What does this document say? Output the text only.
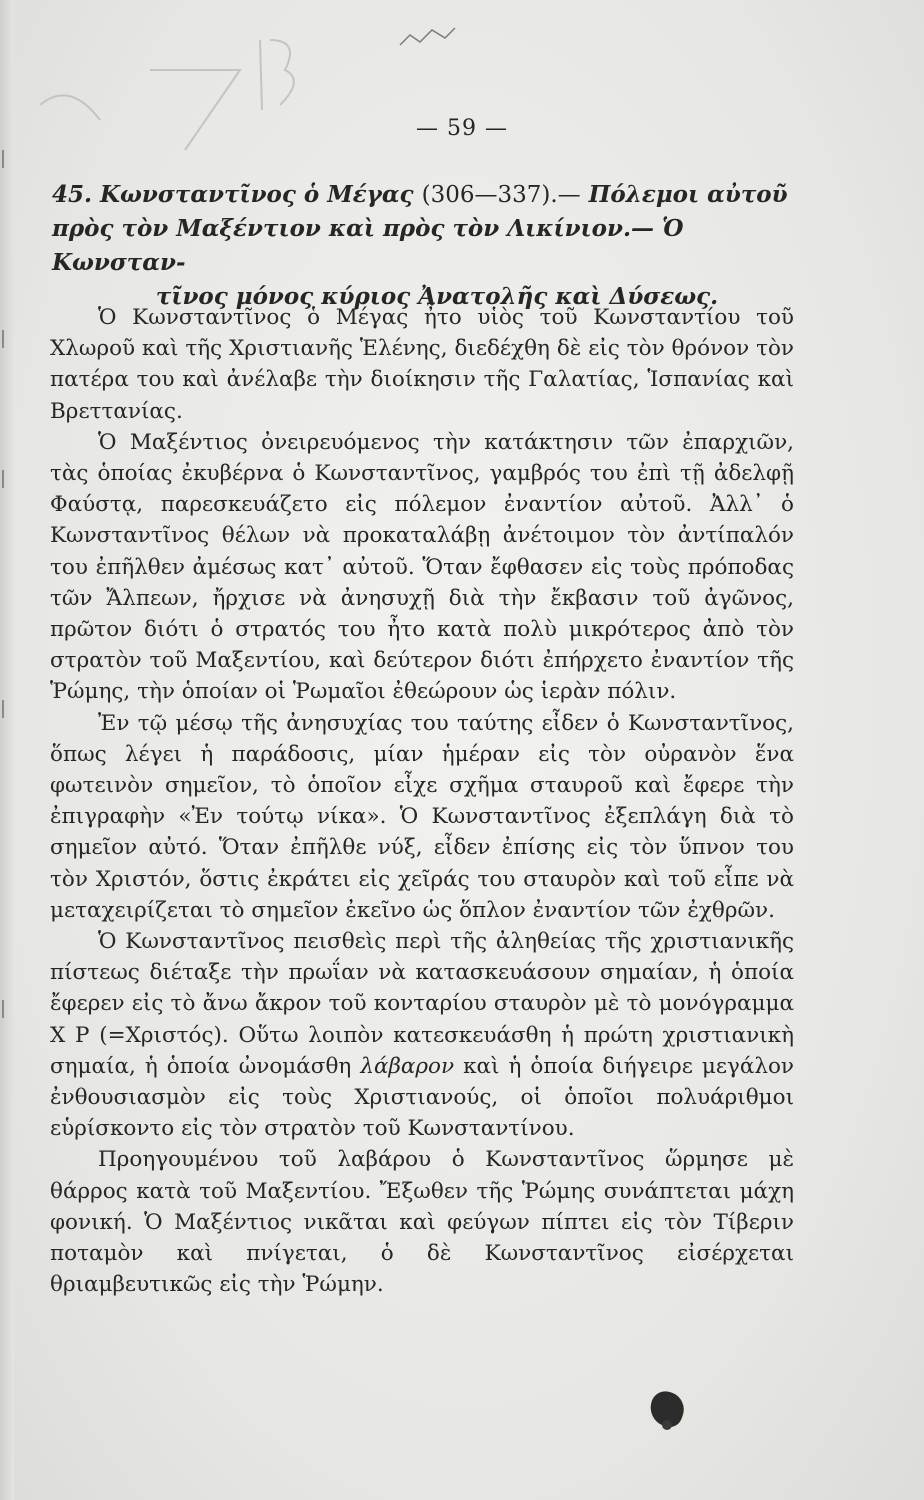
— 59 —
45. Κωνσταντῖνος ὁ Μέγας (306—337).— Πόλεμοι αὐτοῦ
πρὸς τὸν Μαξέντιον καὶ πρὸς τὸν Λικίνιον.— Ὁ Κωνσταν-
τῖνος μόνος κύριος Ἀνατολῆς καὶ Δύσεως.

Ὁ Κωνσταντῖνος ὁ Μέγας ἦτο υἱὸς τοῦ Κωνσταντίου τοῦ Χλωροῦ καὶ τῆς Χριστιανῆς Ἑλένης, διεδέχθη δὲ εἰς τὸν θρόνον τὸν πατέρα του καὶ ἀνέλαβε τὴν διοίκησιν τῆς Γαλατίας, Ἱσπανίας καὶ Βρεττανίας.

Ὁ Μαξέντιος ὀνειρευόμενος τὴν κατάκτησιν τῶν ἐπαρχιῶν, τὰς ὁποίας ἐκυβέρνα ὁ Κωνσταντῖνος, γαμβρός του ἐπὶ τῇ ἀδελφῇ Φαύστᾳ, παρεσκευάζετο εἰς πόλεμον ἐναντίον αὐτοῦ. Ἀλλ᾽ ὁ Κωνσταντῖνος θέλων νὰ προκαταλάβῃ ἀνέτοιμον τὸν ἀντίπαλόν του ἐπῆλθεν ἀμέσως κατ᾽ αὐτοῦ. Ὅταν ἔφθασεν εἰς τοὺς πρόποδας τῶν Ἄλπεων, ἤρχισε νὰ ἀνησυχῇ διὰ τὴν ἔκβασιν τοῦ ἀγῶνος, πρῶτον διότι ὁ στρατός του ἦτο κατὰ πολὺ μικρότερος ἀπὸ τὸν στρατὸν τοῦ Μαξεντίου, καὶ δεύτερον διότι ἐπήρχετο ἐναντίον τῆς Ῥώμης, τὴν ὁποίαν οἱ Ῥωμαῖοι ἐθεώρουν ὡς ἱερὰν πόλιν.

Ἐν τῷ μέσῳ τῆς ἀνησυχίας του ταύτης εἶδεν ὁ Κωνσταντῖνος, ὅπως λέγει ἡ παράδοσις, μίαν ἡμέραν εἰς τὸν οὐρανὸν ἕνα φωτεινὸν σημεῖον, τὸ ὁποῖον εἶχε σχῆμα σταυροῦ καὶ ἔφερε τὴν ἐπιγραφὴν «Ἐν τούτῳ νίκα». Ὁ Κωνσταντῖνος ἐξεπλάγη διὰ τὸ σημεῖον αὐτό. Ὅταν ἐπῆλθε νύξ, εἶδεν ἐπίσης εἰς τὸν ὕπνον του τὸν Χριστόν, ὅστις ἐκράτει εἰς χεῖράς του σταυρὸν καὶ τοῦ εἶπε νὰ μεταχειρίζεται τὸ σημεῖον ἐκεῖνο ὡς ὅπλον ἐναντίον τῶν ἐχθρῶν.

Ὁ Κωνσταντῖνος πεισθεὶς περὶ τῆς ἀληθείας τῆς χριστιανικῆς πίστεως διέταξε τὴν πρωΐαν νὰ κατασκευάσουν σημαίαν, ἡ ὁποία ἔφερεν εἰς τὸ ἄνω ἄκρον τοῦ κονταρίου σταυρὸν μὲ τὸ μονόγραμμα Χ Ρ (=Χριστός). Οὕτω λοιπὸν κατεσκευάσθη ἡ πρώτη χριστιανικὴ σημαία, ἡ ὁποία ὠνομάσθη λάβαρον καὶ ἡ ὁποία διήγειρε μεγάλον ἐνθουσιασμὸν εἰς τοὺς Χριστιανούς, οἱ ὁποῖοι πολυάριθμοι εὑρίσκοντο εἰς τὸν στρατὸν τοῦ Κωνσταντίνου.

Προηγουμένου τοῦ λαβάρου ὁ Κωνσταντῖνος ὥρμησε μὲ θάρρος κατὰ τοῦ Μαξεντίου. Ἔξωθεν τῆς Ῥώμης συνάπτεται μάχη φονική. Ὁ Μαξέντιος νικᾶται καὶ φεύγων πίπτει εἰς τὸν Τίβεριν ποταμὸν καὶ πνίγεται, ὁ δὲ Κωνσταντῖνος εἰσέρχεται θριαμβευτικῶς εἰς τὴν Ῥώμην.
